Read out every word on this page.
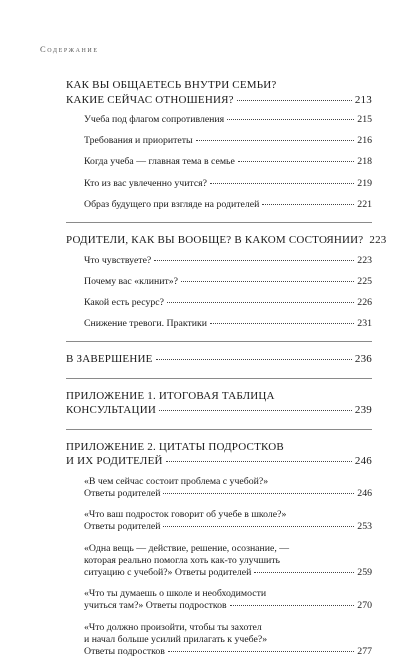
Содержание
КАК ВЫ ОБЩАЕТЕСЬ ВНУТРИ СЕМЬИ?
КАКИЕ СЕЙЧАС ОТНОШЕНИЯ?	213
Учеба под флагом сопротивления	215
Требования и приоритеты	216
Когда учеба — главная тема в семье	218
Кто из вас увлеченно учится?	219
Образ будущего при взгляде на родителей	221
РОДИТЕЛИ, КАК ВЫ ВООБЩЕ? В КАКОМ СОСТОЯНИИ? 223
Что чувствуете?	223
Почему вас «клинит»?	225
Какой есть ресурс?	226
Снижение тревоги. Практики	231
В ЗАВЕРШЕНИЕ	236
ПРИЛОЖЕНИЕ 1. ИТОГОВАЯ ТАБЛИЦА
КОНСУЛЬТАЦИИ	239
ПРИЛОЖЕНИЕ 2. ЦИТАТЫ ПОДРОСТКОВ
И ИХ РОДИТЕЛЕЙ	246
«В чем сейчас состоит проблема с учебой?»
Ответы родителей	246
«Что ваш подросток говорит об учебе в школе?»
Ответы родителей	253
«Одна вещь — действие, решение, осознание, —
которая реально помогла хоть как-то улучшить
ситуацию с учебой?» Ответы родителей	259
«Что ты думаешь о школе и необходимости
учиться там?» Ответы подростков	270
«Что должно произойти, чтобы ты захотел
и начал больше усилий прилагать к учебе?»
Ответы подростков	277
